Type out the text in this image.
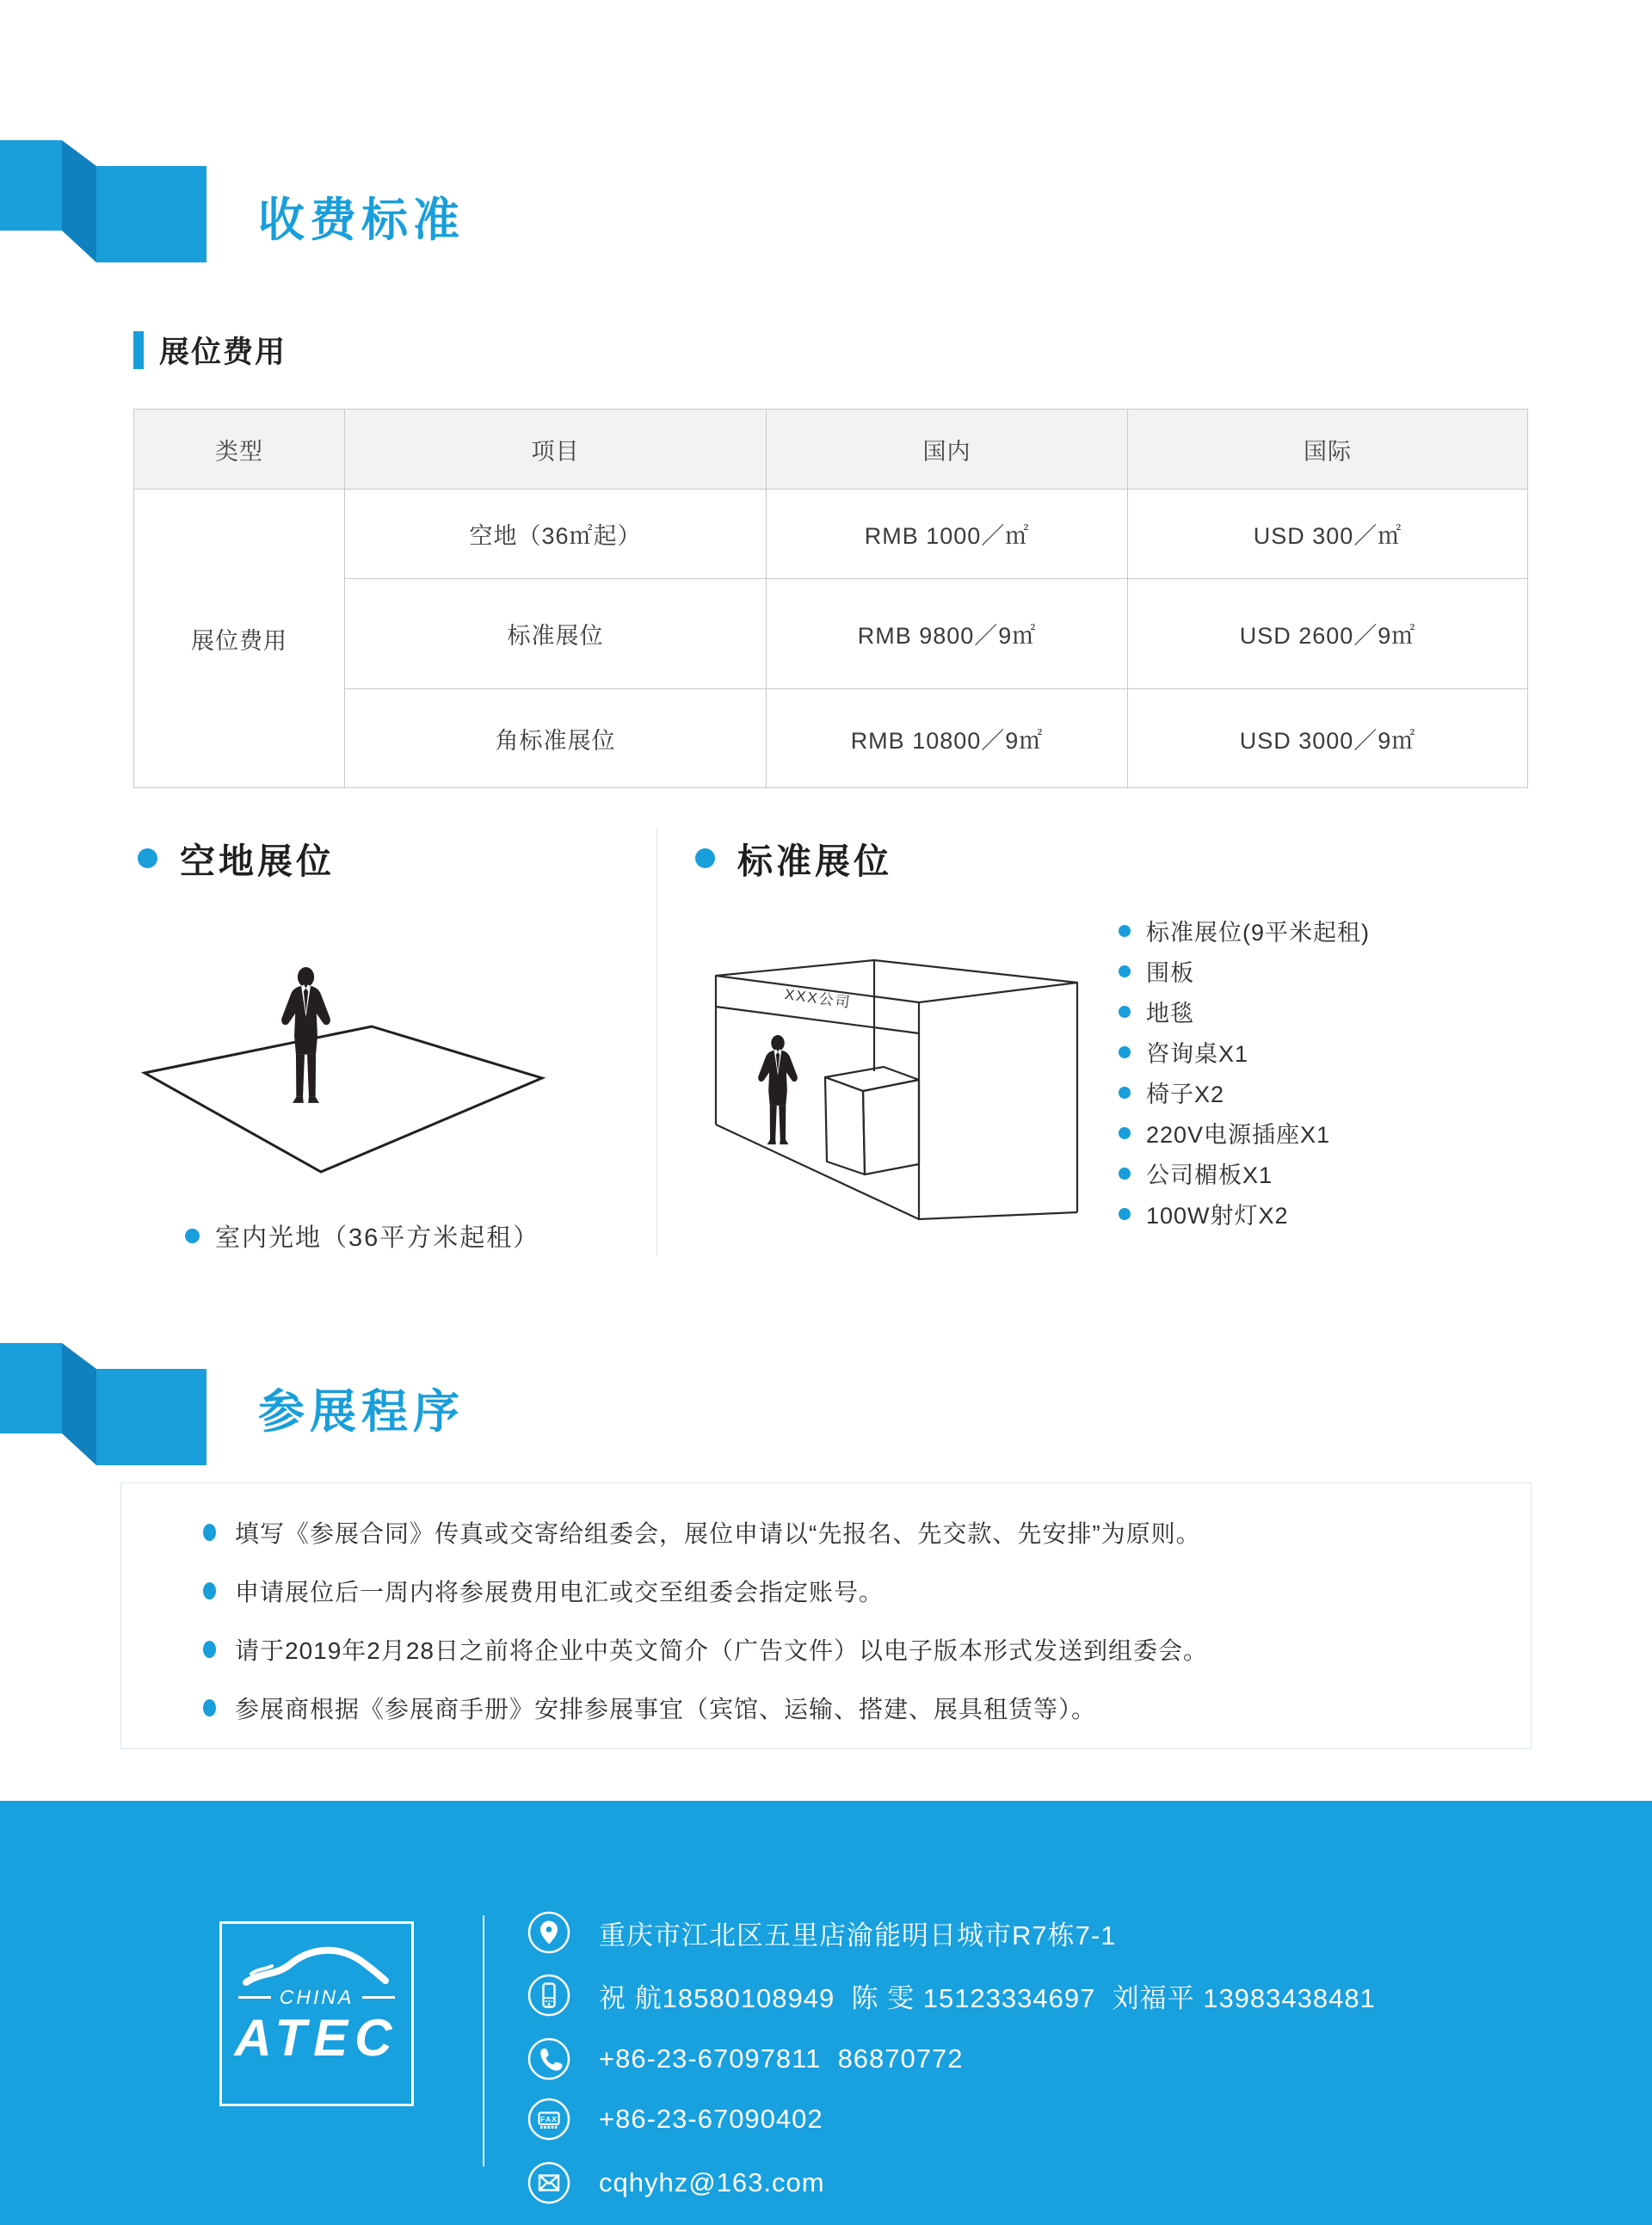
收费标准
展位费用
类型	项目	国内	国际
展位费用	空地（36㎡起）	RMB 1000／㎡	USD 300／㎡
	标准展位	RMB 9800／9㎡	USD 2600／9㎡
	角标准展位	RMB 10800／9㎡	USD 3000／9㎡
空地展位	标准展位
室内光地（36平方米起租）
XXX公司
标准展位(9平米起租)
围板
地毯
咨询桌X1
椅子X2
220V电源插座X1
公司楣板X1
100W射灯X2
参展程序
填写《参展合同》传真或交寄给组委会，展位申请以“先报名、先交款、先安排”为原则。
申请展位后一周内将参展费用电汇或交至组委会指定账号。
请于2019年2月28日之前将企业中英文简介（广告文件）以电子版本形式发送到组委会。
参展商根据《参展商手册》安排参展事宜（宾馆、运输、搭建、展具租赁等）。
CHINA
ATEC
重庆市江北区五里店渝能明日城市R7栋7-1
祝 航18580108949  陈 雯 15123334697  刘福平 13983438481
+86-23-67097811  86870772
FAX +86-23-67090402
cqhyhz@163.com
